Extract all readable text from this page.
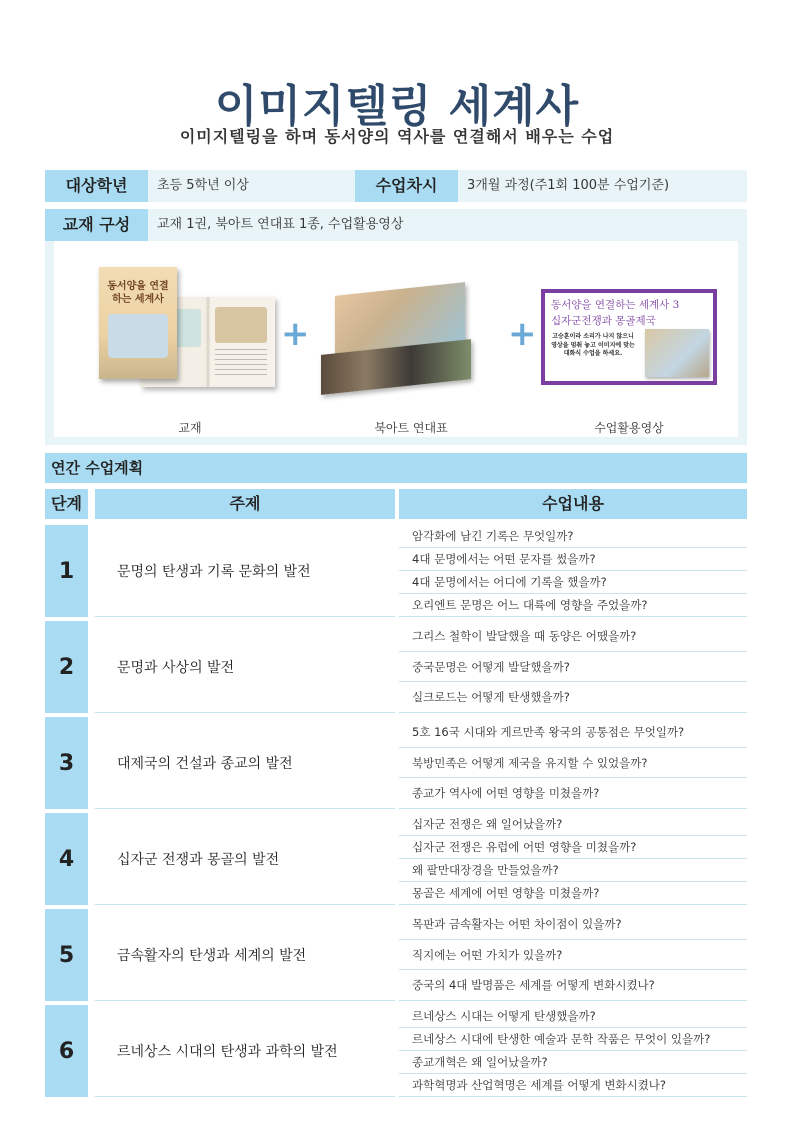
이미지텔링 세계사
이미지텔링을 하며 동서양의 역사를 연결해서 배우는 수업
대상학년	초등 5학년 이상	수업차시	3개월 과정(주1회 100분 수업기준)
교재 구성	교재 1권, 북아트 연대표 1종, 수업활용영상
동서양을 연결하는 세계사
+	+
동서양을 연결하는 세계사 3
십자군전쟁과 몽골제국
고승훈이라 소리가 나지 않으니 영상을 멈춰 놓고 이미지에 맞는 대화식 수업을 하세요.
교재	북아트 연대표	수업활용영상
연간 수업계획
단계	주제	수업내용
1	문명의 탄생과 기록 문화의 발전
암각화에 남긴 기록은 무엇일까?
4대 문명에서는 어떤 문자를 썼을까?
4대 문명에서는 어디에 기록을 했을까?
오리엔트 문명은 어느 대륙에 영향을 주었을까?
2	문명과 사상의 발전
그리스 철학이 발달했을 때 동양은 어땠을까?
중국문명은 어떻게 발달했을까?
실크로드는 어떻게 탄생했을까?
3	대제국의 건설과 종교의 발전
5호 16국 시대와 게르만족 왕국의 공통점은 무엇일까?
북방민족은 어떻게 제국을 유지할 수 있었을까?
종교가 역사에 어떤 영향을 미쳤을까?
4	십자군 전쟁과 몽골의 발전
십자군 전쟁은 왜 일어났을까?
십자군 전쟁은 유럽에 어떤 영향을 미쳤을까?
왜 팔만대장경을 만들었을까?
몽골은 세계에 어떤 영향을 미쳤을까?
5	금속활자의 탄생과 세계의 발전
목판과 금속활자는 어떤 차이점이 있을까?
직지에는 어떤 가치가 있을까?
중국의 4대 발명품은 세계를 어떻게 변화시켰나?
6	르네상스 시대의 탄생과 과학의 발전
르네상스 시대는 어떻게 탄생했을까?
르네상스 시대에 탄생한 예술과 문학 작품은 무엇이 있을까?
종교개혁은 왜 일어났을까?
과학혁명과 산업혁명은 세계를 어떻게 변화시켰나?
